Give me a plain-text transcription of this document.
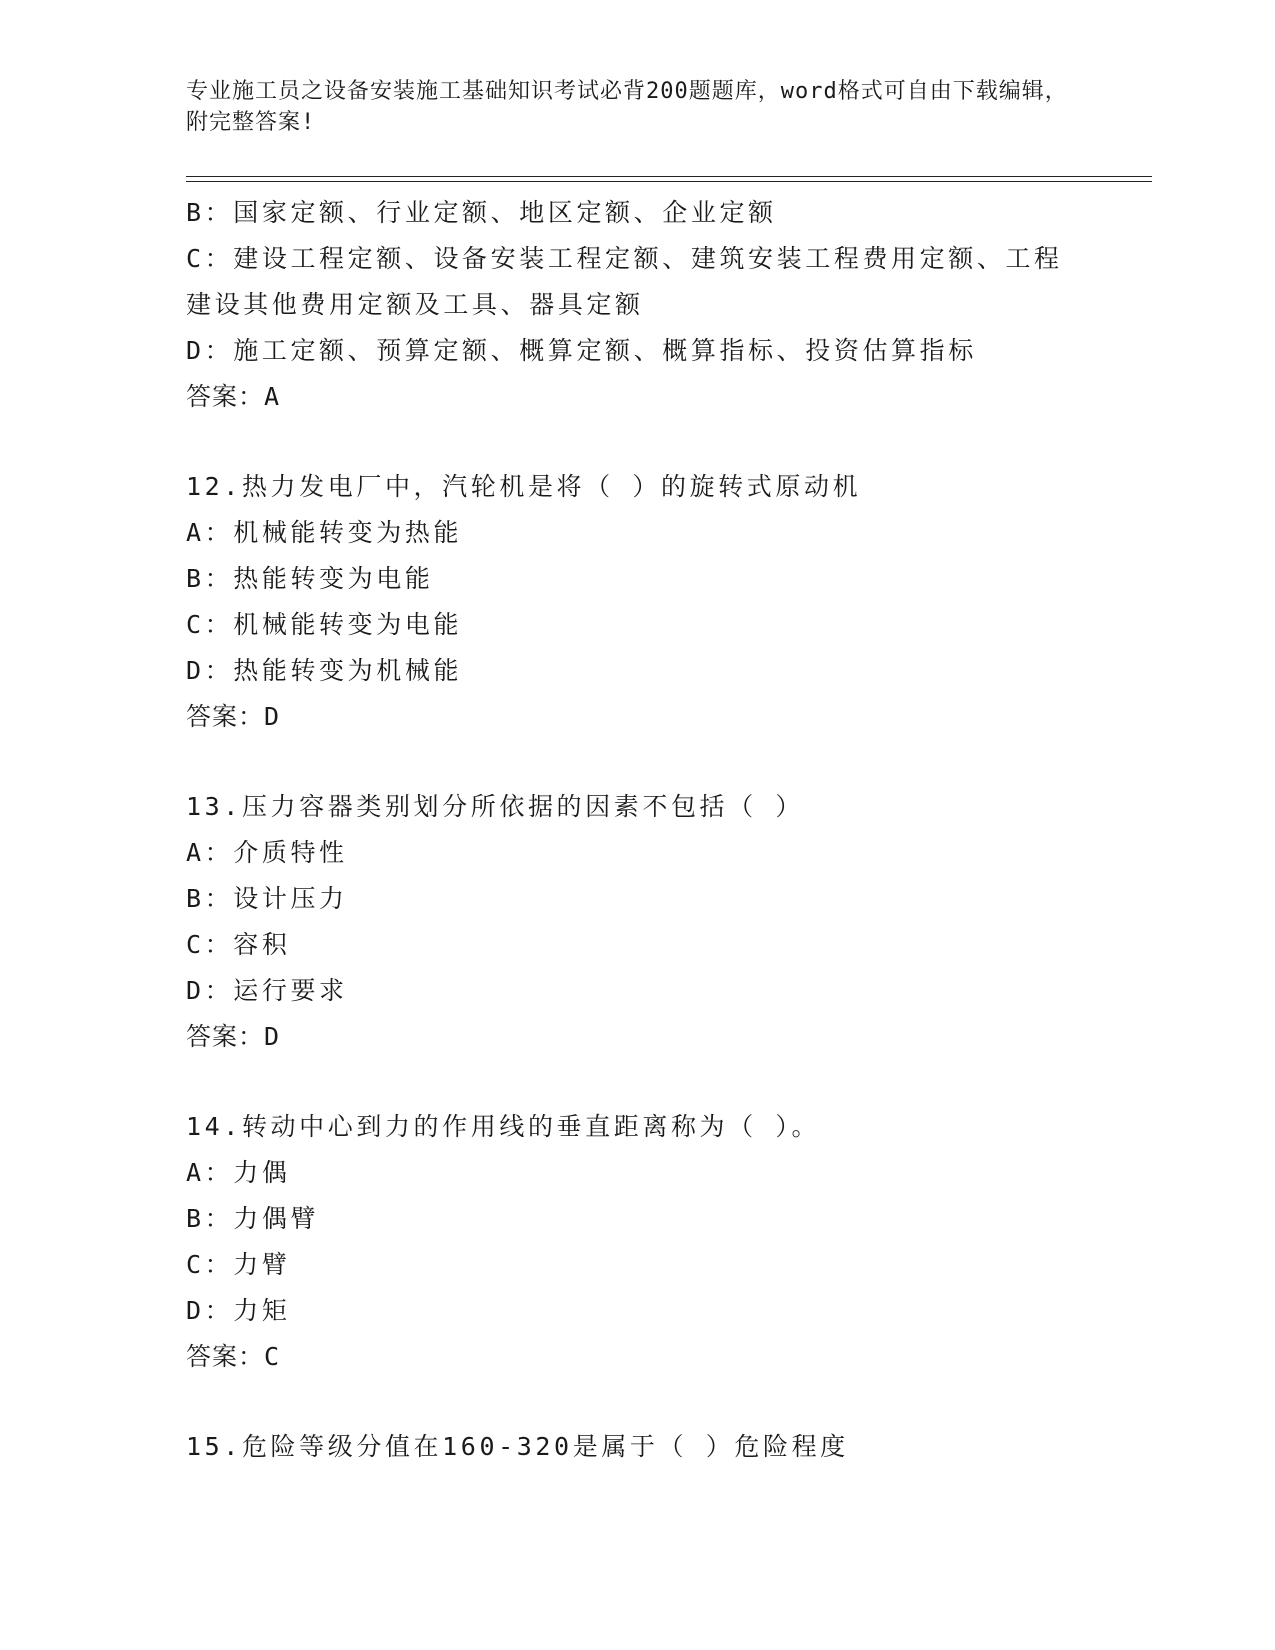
专业施工员之设备安装施工基础知识考试必背200题题库，word格式可自由下载编辑，附完整答案!
B：国家定额、行业定额、地区定额、企业定额
C：建设工程定额、设备安装工程定额、建筑安装工程费用定额、工程建设其他费用定额及工具、器具定额
D：施工定额、预算定额、概算定额、概算指标、投资估算指标
答案：A
12.热力发电厂中，汽轮机是将（ ）的旋转式原动机
A：机械能转变为热能
B：热能转变为电能
C：机械能转变为电能
D：热能转变为机械能
答案：D
13.压力容器类别划分所依据的因素不包括（ ）
A：介质特性
B：设计压力
C：容积
D：运行要求
答案：D
14.转动中心到力的作用线的垂直距离称为（ ）。
A：力偶
B：力偶臂
C：力臂
D：力矩
答案：C
15.危险等级分值在160-320是属于（ ）危险程度
